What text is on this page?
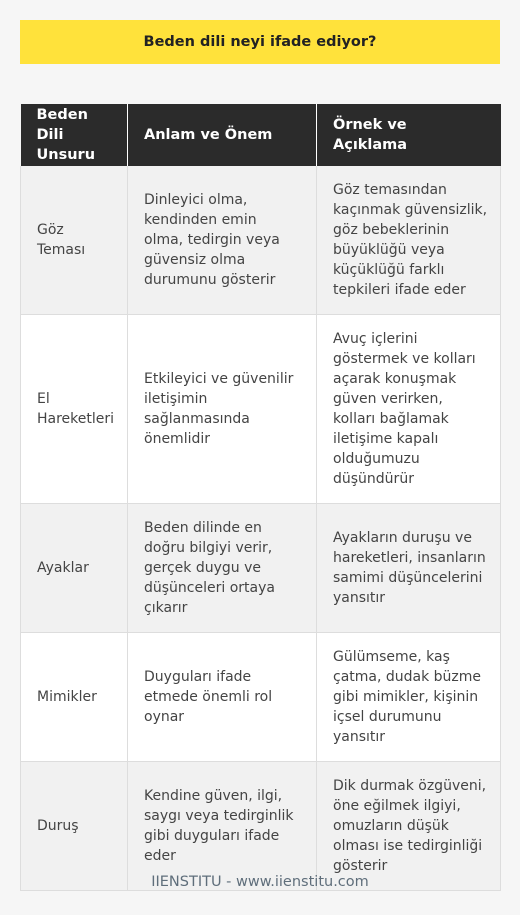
Beden dili neyi ifade ediyor?
Beden Dili Unsuru	Anlam ve Önem	Örnek ve Açıklama
Göz Teması	Dinleyici olma, kendinden emin olma, tedirgin veya güvensiz olma durumunu gösterir	Göz temasından kaçınmak güvensizlik, göz bebeklerinin büyüklüğü veya küçüklüğü farklı tepkileri ifade eder
El Hareketleri	Etkileyici ve güvenilir iletişimin sağlanmasında önemlidir	Avuç içlerini göstermek ve kolları açarak konuşmak güven verirken, kolları bağlamak iletişime kapalı olduğumuzu düşündürür
Ayaklar	Beden dilinde en doğru bilgiyi verir, gerçek duygu ve düşünceleri ortaya çıkarır	Ayakların duruşu ve hareketleri, insanların samimi düşüncelerini yansıtır
Mimikler	Duyguları ifade etmede önemli rol oynar	Gülümseme, kaş çatma, dudak büzme gibi mimikler, kişinin içsel durumunu yansıtır
Duruş	Kendine güven, ilgi, saygı veya tedirginlik gibi duyguları ifade eder	Dik durmak özgüveni, öne eğilmek ilgiyi, omuzların düşük olması ise tedirginliği gösterir
IIENSTITU - www.iienstitu.com
